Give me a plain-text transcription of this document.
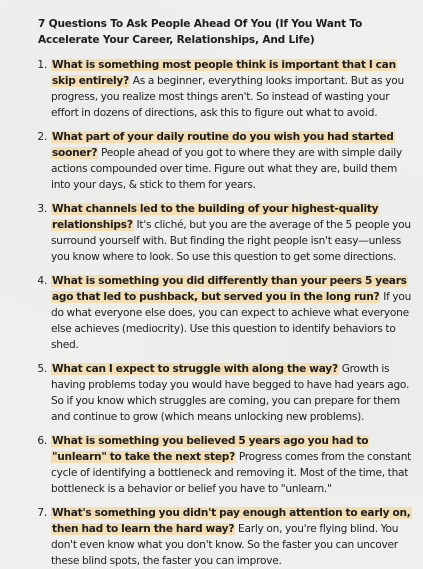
7 Questions To Ask People Ahead Of You (If You Want To Accelerate Your Career, Relationships, And Life)
1. What is something most people think is important that I can skip entirely? As a beginner, everything looks important. But as you progress, you realize most things aren't. So instead of wasting your effort in dozens of directions, ask this to figure out what to avoid.
2. What part of your daily routine do you wish you had started sooner? People ahead of you got to where they are with simple daily actions compounded over time. Figure out what they are, build them into your days, & stick to them for years.
3. What channels led to the building of your highest-quality relationships? It's cliché, but you are the average of the 5 people you surround yourself with. But finding the right people isn't easy—unless you know where to look. So use this question to get some directions.
4. What is something you did differently than your peers 5 years ago that led to pushback, but served you in the long run? If you do what everyone else does, you can expect to achieve what everyone else achieves (mediocrity). Use this question to identify behaviors to shed.
5. What can I expect to struggle with along the way? Growth is having problems today you would have begged to have had years ago. So if you know which struggles are coming, you can prepare for them and continue to grow (which means unlocking new problems).
6. What is something you believed 5 years ago you had to "unlearn" to take the next step? Progress comes from the constant cycle of identifying a bottleneck and removing it. Most of the time, that bottleneck is a behavior or belief you have to "unlearn."
7. What's something you didn't pay enough attention to early on, then had to learn the hard way? Early on, you're flying blind. You don't even know what you don't know. So the faster you can uncover these blind spots, the faster you can improve.
